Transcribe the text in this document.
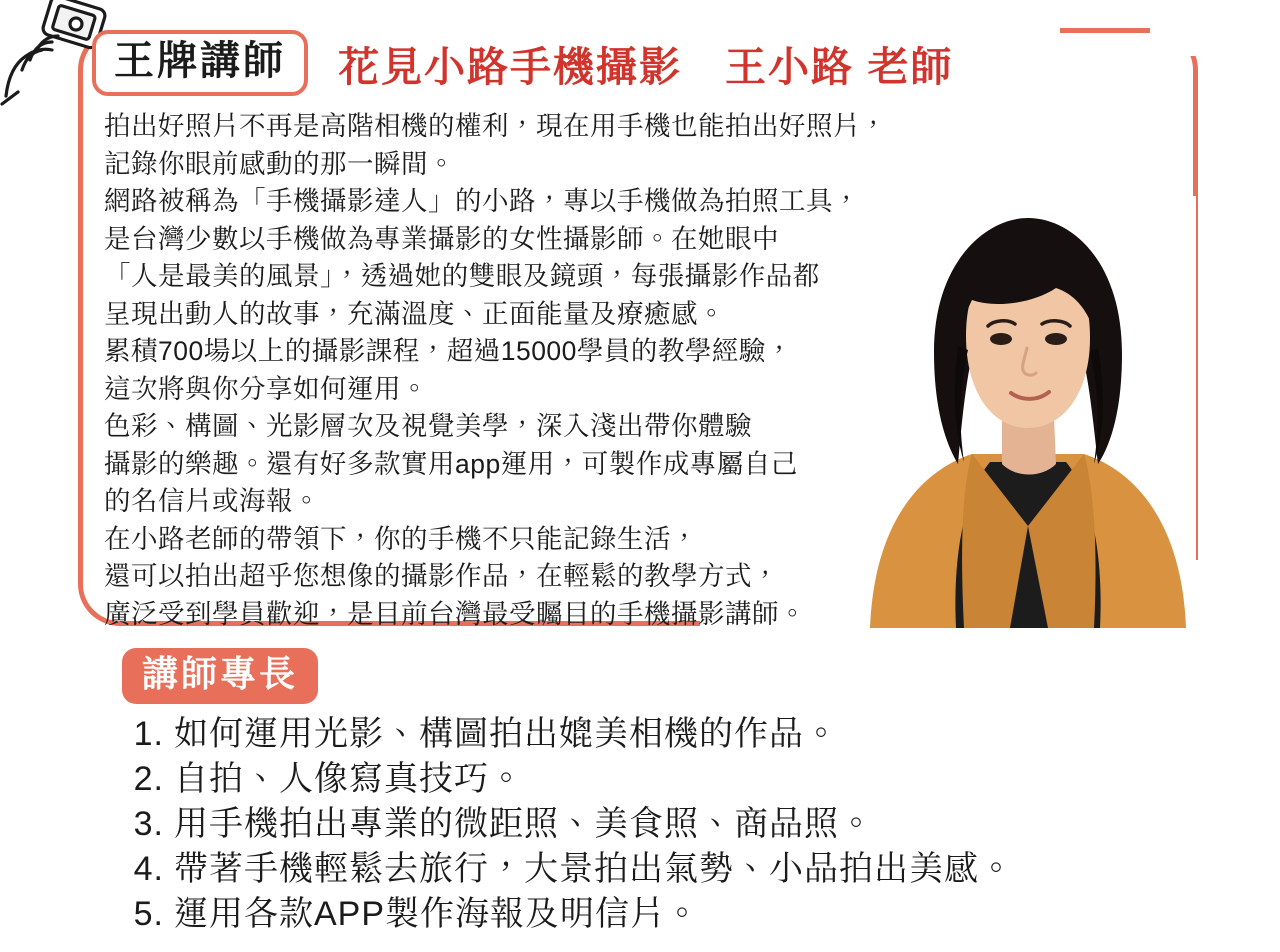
王牌講師 花見小路手機攝影　王小路 老師
拍出好照片不再是高階相機的權利，現在用手機也能拍出好照片，
記錄你眼前感動的那一瞬間。
網路被稱為「手機攝影達人」的小路，專以手機做為拍照工具，
是台灣少數以手機做為專業攝影的女性攝影師。在她眼中
「人是最美的風景」，透過她的雙眼及鏡頭，每張攝影作品都
呈現出動人的故事，充滿溫度、正面能量及療癒感。
累積700場以上的攝影課程，超過15000學員的教學經驗，
這次將與你分享如何運用。
色彩、構圖、光影層次及視覺美學，深入淺出帶你體驗
攝影的樂趣。還有好多款實用app運用，可製作成專屬自己
的名信片或海報。
在小路老師的帶領下，你的手機不只能記錄生活，
還可以拍出超乎您想像的攝影作品，在輕鬆的教學方式，
廣泛受到學員歡迎，是目前台灣最受矚目的手機攝影講師。
講師專長
1. 如何運用光影、構圖拍出媲美相機的作品。
2. 自拍、人像寫真技巧。
3. 用手機拍出專業的微距照、美食照、商品照。
4. 帶著手機輕鬆去旅行，大景拍出氣勢、小品拍出美感。
5. 運用各款APP製作海報及明信片。
